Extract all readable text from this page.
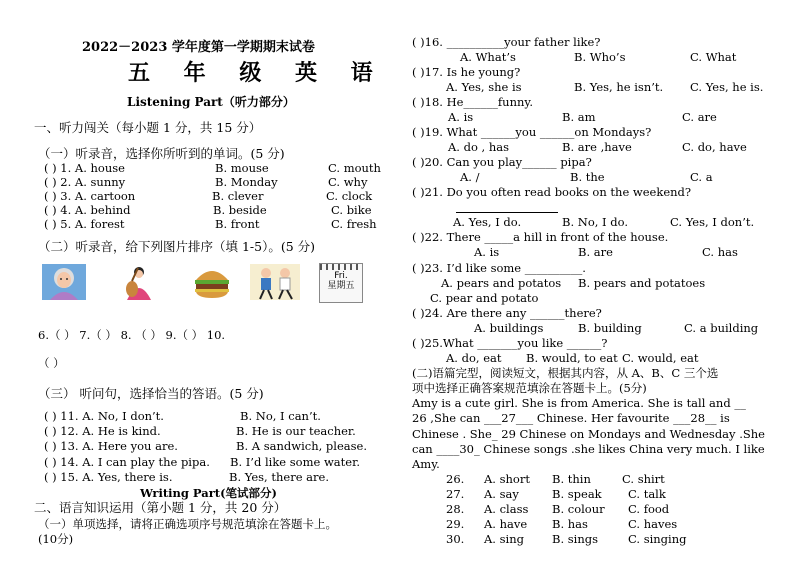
2022－2023 学年度第一学期期末试卷
五 年 级 英 语
Listening Part（听力部分）
一、听力闯关（每小题 1 分，共 15 分）
（一）听录音，选择你所听到的单词。(5 分)
( ) 1. A. house	B. mouse	C. mouth
( ) 2. A. sunny	B. Monday	C. why
( ) 3. A. cartoon	B. clever	C. clock
( ) 4. A. behind	B. beside	C. bike
( ) 5. A. forest	B. front	C. fresh
（二）听录音，给下列图片排序（填 1-5）。(5 分)
Fri.
星期五
6.（ ） 7.（ ） 8. （ ） 9.（ ） 10.
（ ）
（三） 听问句，选择恰当的答语。(5 分)
( ) 11. A. No, I don’t.	B. No, I can’t.
( ) 12. A. He is kind.	B. He is our teacher.
( ) 13. A. Here you are.	B. A sandwich, please.
( ) 14. A. I can play the pipa. B. I’d like some water.
( ) 15. A. Yes, there is.	B. Yes, there are.
Writing Part(笔试部分)
二、语言知识运用（第小题 1 分，共 20 分）
（一）单项选择，请将正确选项序号规范填涂在答题卡上。
(10分)
( )16. __________your father like?
A. What’s	B. Who’s	C. What
( )17. Is he young?
A. Yes, she is	B. Yes, he isn’t. C. Yes, he is.
( )18. He______funny.
A. is	B. am	C. are
( )19. What ______you ______on Mondays?
A. do , has	B. are ,have	C. do, have
( )20. Can you play______ pipa?
A. /	B. the	C. a
( )21. Do you often read books on the weekend?
A. Yes, I do.	B. No, I do.	C. Yes, I don’t.
( )22. There _____a hill in front of the house.
A. is	B. are	C. has
( )23. I’d like some __________.
A. pears and potatos B. pears and potatoes
C. pear and potato
( )24. Are there any ______there?
A. buildings	B. building	C. a building
( )25.What _______you like ______?
A. do, eat B. would, to eat C. would, eat
(二)语篇完型，阅读短文，根据其内容，从 A、B、C 三个选
项中选择正确答案规范填涂在答题卡上。(5分)
Amy is a cute girl. She is from America. She is tall and __
26 ,She can ___27___ Chinese. Her favourite ___28__ is
Chinese . She_ 29 Chinese on Mondays and Wednesday .She
can ____30_ Chinese songs .she likes China very much. I like
Amy.
26. A. short B. thin	C. shirt
27. A. say	B. speak C. talk
28. A. class B. colour C. food
29. A. have B. has	C. haves
30. A. sing B. sings	C. singing
